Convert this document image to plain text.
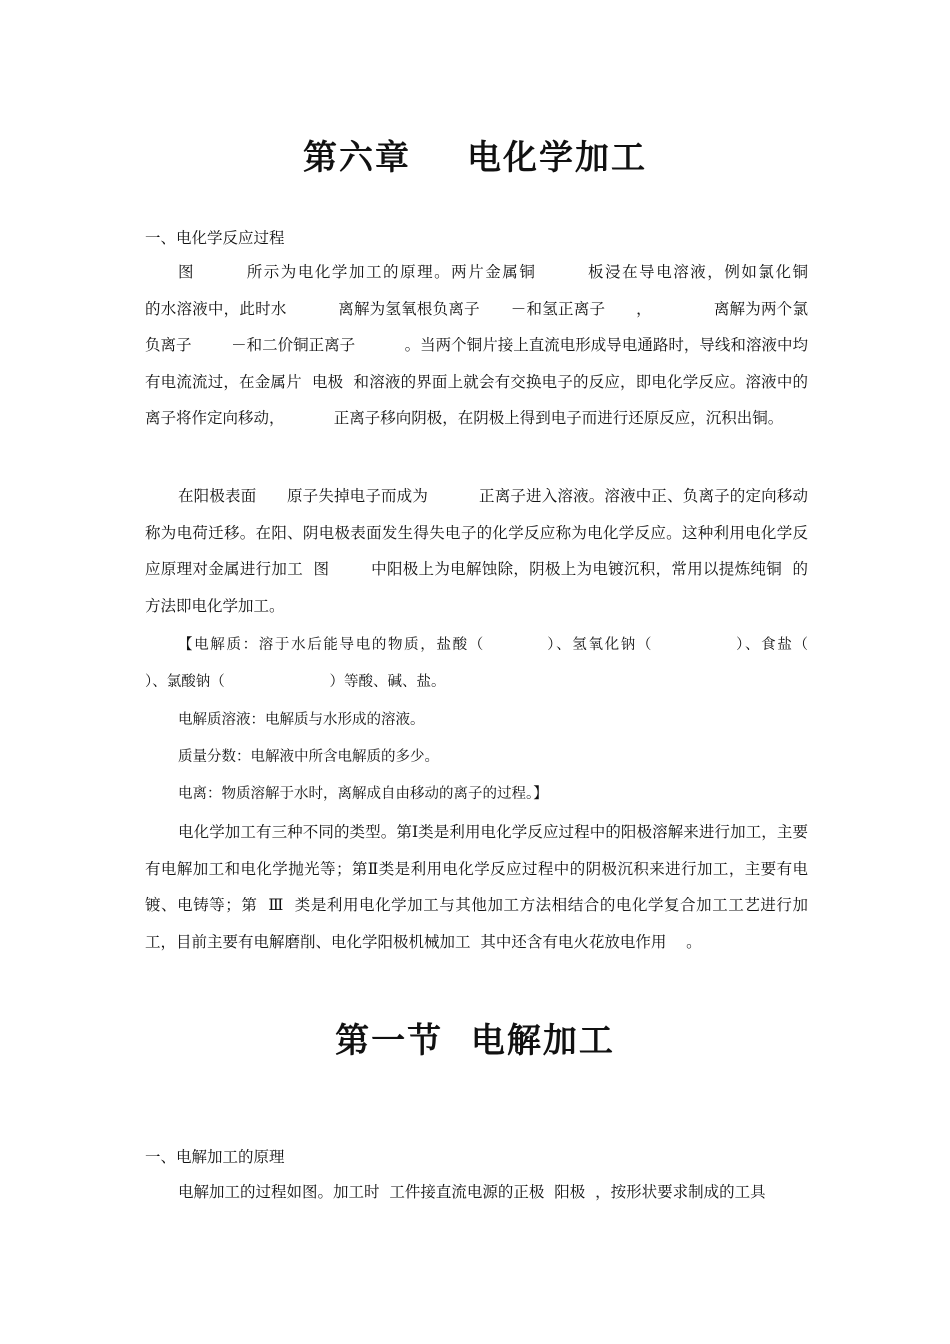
第六章 电化学加工
一、电化学反应过程

图        所示为电化学加工的原理。两片金属铜        板浸在导电溶液，例如氯化铜                的水溶液中，此时水          离解为氢氧根负离子      －和氢正离子      ，            离解为两个氯负离子        －和二价铜正离子          。当两个铜片接上直流电形成导电通路时，导线和溶液中均有电流流过，在金属片  电极  和溶液的界面上就会有交换电子的反应，即电化学反应。溶液中的离子将作定向移动，          正离子移向阴极，在阴极上得到电子而进行还原反应，沉积出铜。

在阳极表面      原子失掉电子而成为          正离子进入溶液。溶液中正、负离子的定向移动称为电荷迁移。在阳、阴电极表面发生得失电子的化学反应称为电化学反应。这种利用电化学反应原理对金属进行加工  图        中阳极上为电解蚀除，阴极上为电镀沉积，常用以提炼纯铜  的方法即电化学加工。

【电解质：溶于水后能导电的物质，盐酸（      ）、氢氧化钠（        ）、食盐（        ）、氯酸钠（            ）等酸、碱、盐。

电解质溶液：电解质与水形成的溶液。

质量分数：电解液中所含电解质的多少。

电离：物质溶解于水时，离解成自由移动的离子的过程。】

电化学加工有三种不同的类型。第Ⅰ类是利用电化学反应过程中的阳极溶解来进行加工，主要有电解加工和电化学抛光等；第Ⅱ类是利用电化学反应过程中的阴极沉积来进行加工，主要有电镀、电铸等；第  Ⅲ  类是利用电化学加工与其他加工方法相结合的电化学复合加工工艺进行加工，目前主要有电解磨削、电化学阳极机械加工  其中还含有电火花放电作用    。

第一节  电解加工
一、电解加工的原理

电解加工的过程如图。加工时  工件接直流电源的正极  阳极  ，按形状要求制成的工具
